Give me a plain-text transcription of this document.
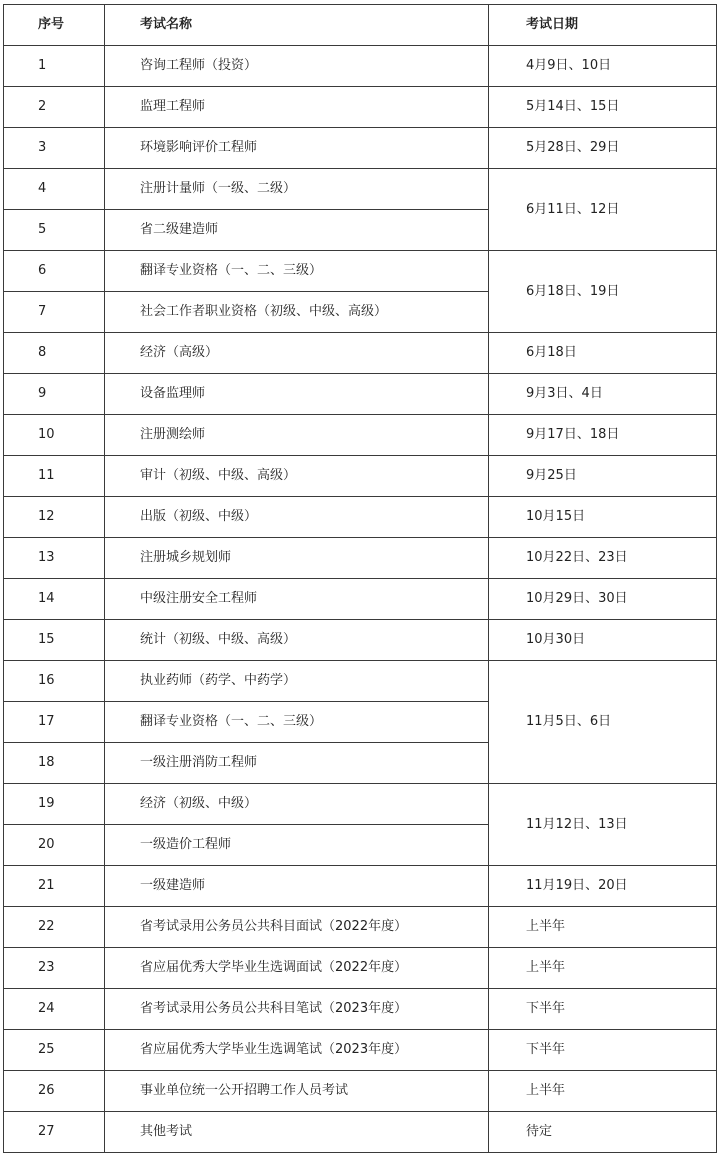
序号	考试名称	考试日期
1	咨询工程师（投资）	4月9日、10日
2	监理工程师	5月14日、15日
3	环境影响评价工程师	5月28日、29日
4	注册计量师（一级、二级）	6月11日、12日
5	省二级建造师	
6	翻译专业资格（一、二、三级）	6月18日、19日
7	社会工作者职业资格（初级、中级、高级）	
8	经济（高级）	6月18日
9	设备监理师	9月3日、4日
10	注册测绘师	9月17日、18日
11	审计（初级、中级、高级）	9月25日
12	出版（初级、中级）	10月15日
13	注册城乡规划师	10月22日、23日
14	中级注册安全工程师	10月29日、30日
15	统计（初级、中级、高级）	10月30日
16	执业药师（药学、中药学）	11月5日、6日
17	翻译专业资格（一、二、三级）	
18	一级注册消防工程师	
19	经济（初级、中级）	11月12日、13日
20	一级造价工程师	
21	一级建造师	11月19日、20日
22	省考试录用公务员公共科目面试（2022年度）	上半年
23	省应届优秀大学毕业生选调面试（2022年度）	上半年
24	省考试录用公务员公共科目笔试（2023年度）	下半年
25	省应届优秀大学毕业生选调笔试（2023年度）	下半年
26	事业单位统一公开招聘工作人员考试	上半年
27	其他考试	待定
